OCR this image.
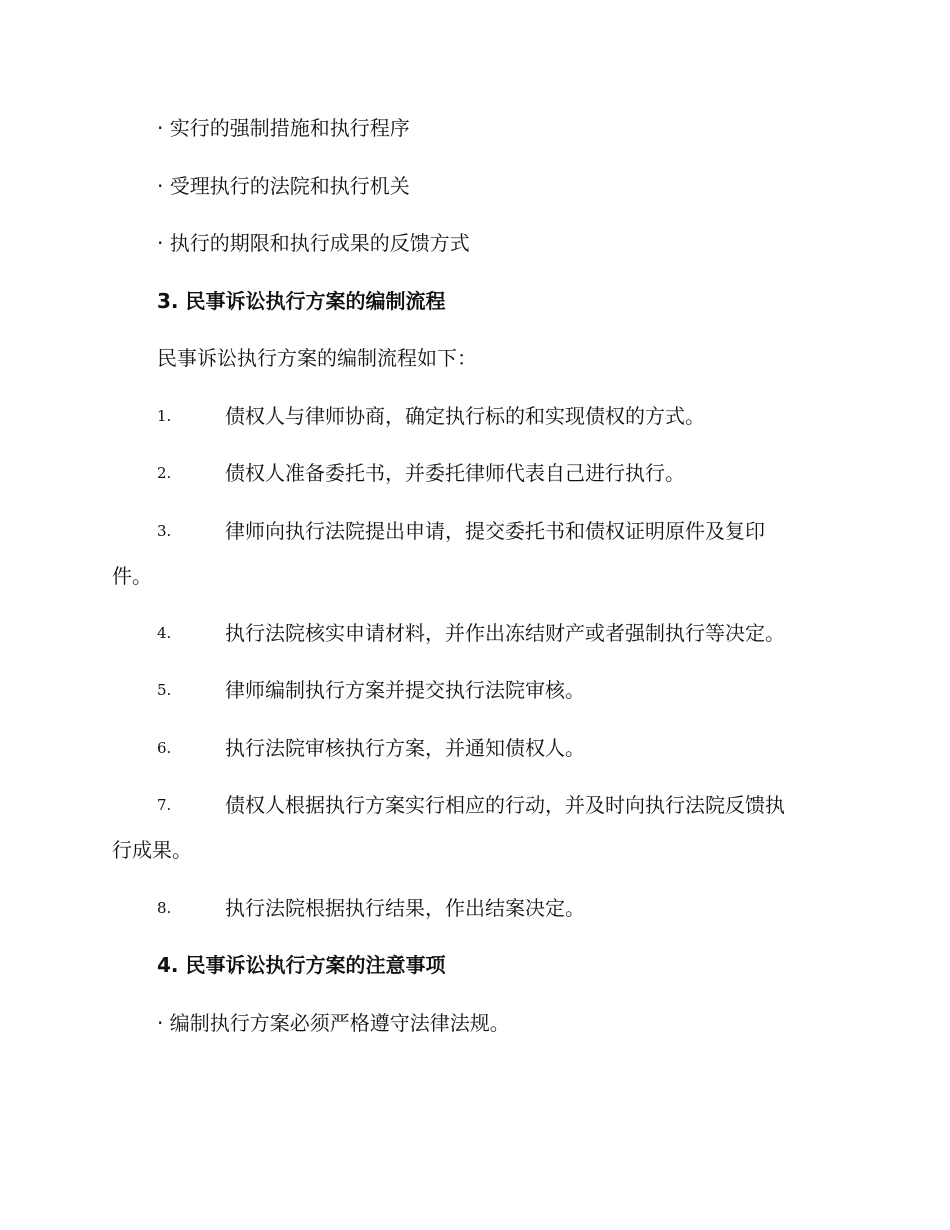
· 实行的强制措施和执行程序
· 受理执行的法院和执行机关
· 执行的期限和执行成果的反馈方式
3. 民事诉讼执行方案的编制流程
民事诉讼执行方案的编制流程如下：
1.	债权人与律师协商，确定执行标的和实现债权的方式。
2.	债权人准备委托书，并委托律师代表自己进行执行。
3.	律师向执行法院提出申请，提交委托书和债权证明原件及复印
件。
4.	执行法院核实申请材料，并作出冻结财产或者强制执行等决定。
5.	律师编制执行方案并提交执行法院审核。
6.	执行法院审核执行方案，并通知债权人。
7.	债权人根据执行方案实行相应的行动，并及时向执行法院反馈执
行成果。
8.	执行法院根据执行结果，作出结案决定。
4. 民事诉讼执行方案的注意事项
· 编制执行方案必须严格遵守法律法规。
